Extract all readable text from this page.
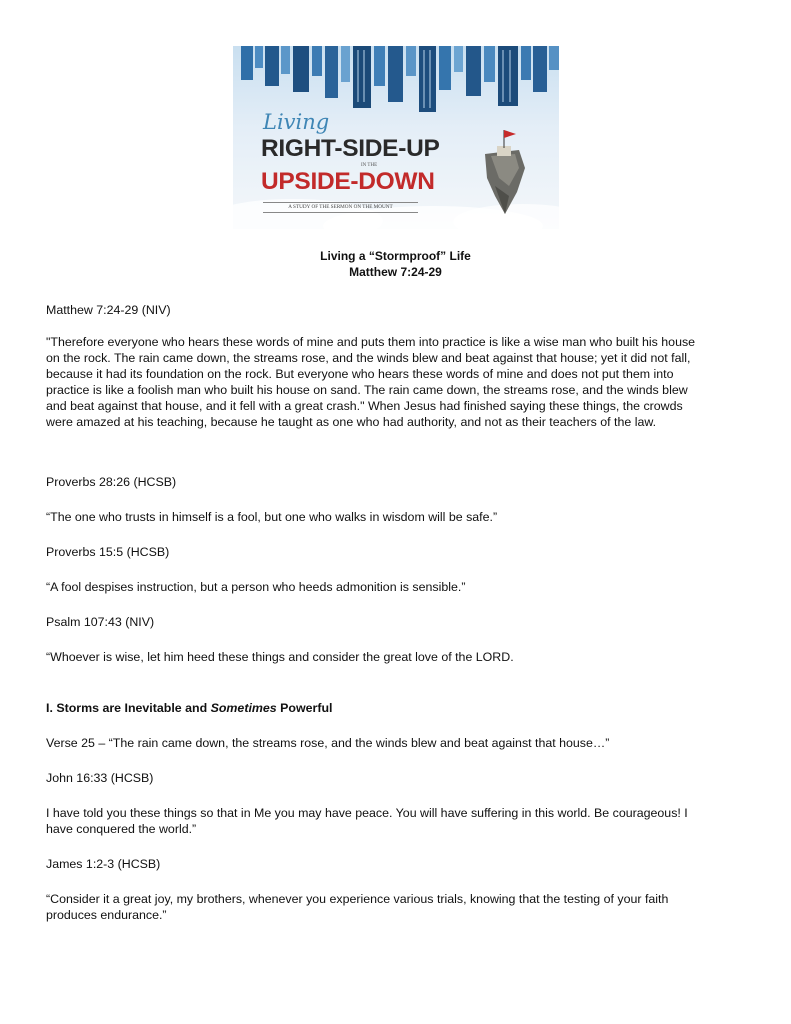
Living
RIGHT-SIDE-UP
IN THE
UPSIDE-DOWN
A STUDY OF THE SERMON ON THE MOUNT
Living a “Stormproof” Life
Matthew 7:24-29
Matthew 7:24-29 (NIV)
"Therefore everyone who hears these words of mine and puts them into practice is like a wise man who built his house
on the rock. The rain came down, the streams rose, and the winds blew and beat against that house; yet it did not fall,
because it had its foundation on the rock. But everyone who hears these words of mine and does not put them into
practice is like a foolish man who built his house on sand. The rain came down, the streams rose, and the winds blew
and beat against that house, and it fell with a great crash." When Jesus had finished saying these things, the crowds
were amazed at his teaching, because he taught as one who had authority, and not as their teachers of the law.
Proverbs 28:26 (HCSB)
“The one who trusts in himself is a fool, but one who walks in wisdom will be safe.”
Proverbs 15:5 (HCSB)
“A fool despises instruction, but a person who heeds admonition is sensible.”
Psalm 107:43 (NIV)
“Whoever is wise, let him heed these things and consider the great love of the LORD.
I. Storms are Inevitable and Sometimes Powerful
Verse 25 – “The rain came down, the streams rose, and the winds blew and beat against that house…”
John 16:33 (HCSB)
I have told you these things so that in Me you may have peace. You will have suffering in this world. Be courageous! I
have conquered the world.”
James 1:2-3 (HCSB)
“Consider it a great joy, my brothers, whenever you experience various trials, knowing that the testing of your faith
produces endurance.”
